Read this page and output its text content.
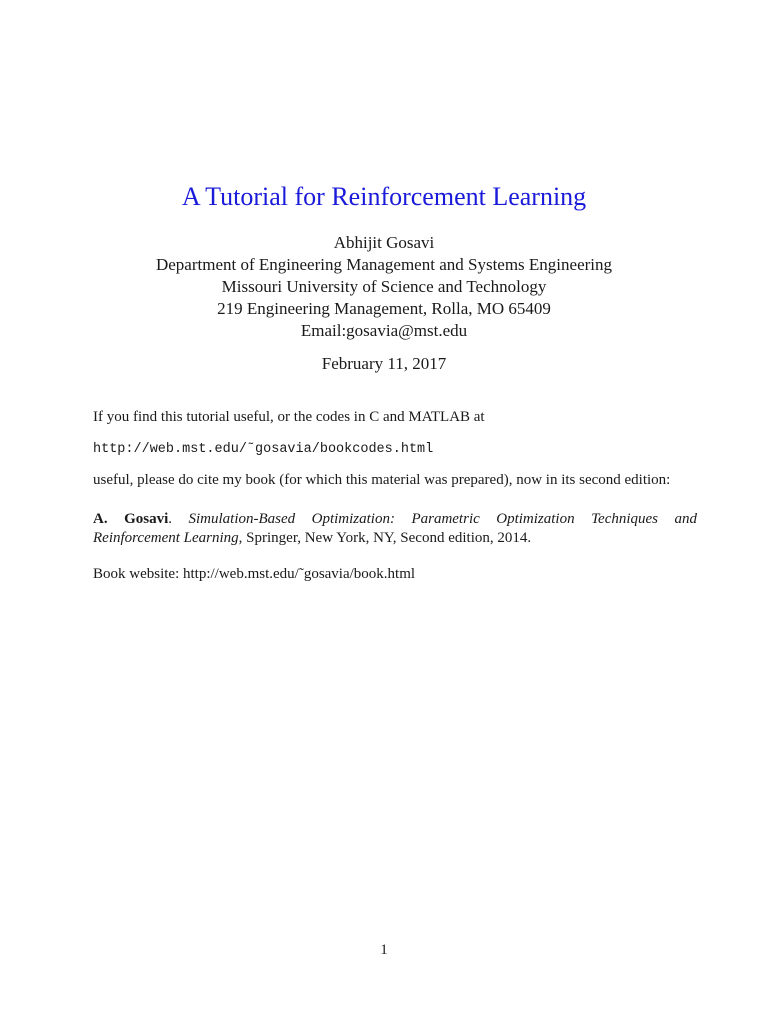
A Tutorial for Reinforcement Learning
Abhijit Gosavi
Department of Engineering Management and Systems Engineering
Missouri University of Science and Technology
219 Engineering Management, Rolla, MO 65409
Email:gosavia@mst.edu
February 11, 2017

If you find this tutorial useful, or the codes in C and MATLAB at

http://web.mst.edu/˜gosavia/bookcodes.html

useful, please do cite my book (for which this material was prepared), now in its second edition:

A. Gosavi. Simulation-Based Optimization: Parametric Optimization Techniques and Reinforcement Learning, Springer, New York, NY, Second edition, 2014.

Book website: http://web.mst.edu/˜gosavia/book.html

1
